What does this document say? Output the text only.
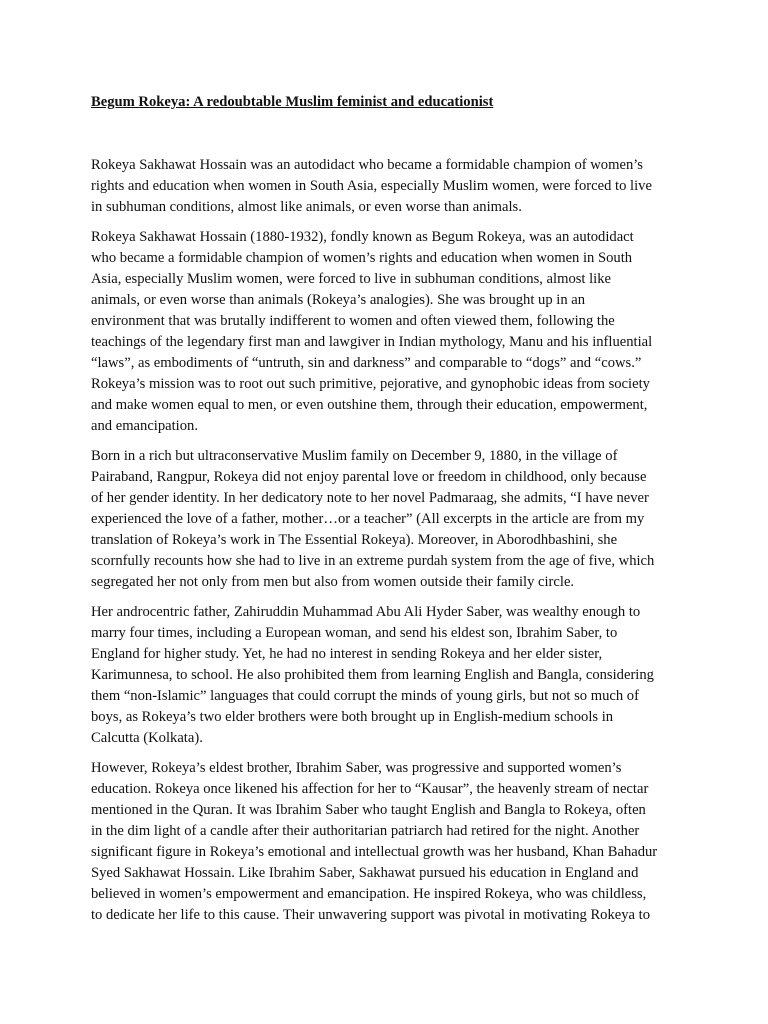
Begum Rokeya: A redoubtable Muslim feminist and educationist
Rokeya Sakhawat Hossain was an autodidact who became a formidable champion of women’s
rights and education when women in South Asia, especially Muslim women, were forced to live
in subhuman conditions, almost like animals, or even worse than animals.
Rokeya Sakhawat Hossain (1880-1932), fondly known as Begum Rokeya, was an autodidact
who became a formidable champion of women’s rights and education when women in South
Asia, especially Muslim women, were forced to live in subhuman conditions, almost like
animals, or even worse than animals (Rokeya’s analogies). She was brought up in an
environment that was brutally indifferent to women and often viewed them, following the
teachings of the legendary first man and lawgiver in Indian mythology, Manu and his influential
“laws”, as embodiments of “untruth, sin and darkness” and comparable to “dogs” and “cows.”
Rokeya’s mission was to root out such primitive, pejorative, and gynophobic ideas from society
and make women equal to men, or even outshine them, through their education, empowerment,
and emancipation.
Born in a rich but ultraconservative Muslim family on December 9, 1880, in the village of
Pairaband, Rangpur, Rokeya did not enjoy parental love or freedom in childhood, only because
of her gender identity. In her dedicatory note to her novel Padmaraag, she admits, “I have never
experienced the love of a father, mother…or a teacher” (All excerpts in the article are from my
translation of Rokeya’s work in The Essential Rokeya). Moreover, in Aborodhbashini, she
scornfully recounts how she had to live in an extreme purdah system from the age of five, which
segregated her not only from men but also from women outside their family circle.
Her androcentric father, Zahiruddin Muhammad Abu Ali Hyder Saber, was wealthy enough to
marry four times, including a European woman, and send his eldest son, Ibrahim Saber, to
England for higher study. Yet, he had no interest in sending Rokeya and her elder sister,
Karimunnesa, to school. He also prohibited them from learning English and Bangla, considering
them “non-Islamic” languages that could corrupt the minds of young girls, but not so much of
boys, as Rokeya’s two elder brothers were both brought up in English-medium schools in
Calcutta (Kolkata).
However, Rokeya’s eldest brother, Ibrahim Saber, was progressive and supported women’s
education. Rokeya once likened his affection for her to “Kausar”, the heavenly stream of nectar
mentioned in the Quran. It was Ibrahim Saber who taught English and Bangla to Rokeya, often
in the dim light of a candle after their authoritarian patriarch had retired for the night. Another
significant figure in Rokeya’s emotional and intellectual growth was her husband, Khan Bahadur
Syed Sakhawat Hossain. Like Ibrahim Saber, Sakhawat pursued his education in England and
believed in women’s empowerment and emancipation. He inspired Rokeya, who was childless,
to dedicate her life to this cause. Their unwavering support was pivotal in motivating Rokeya to
